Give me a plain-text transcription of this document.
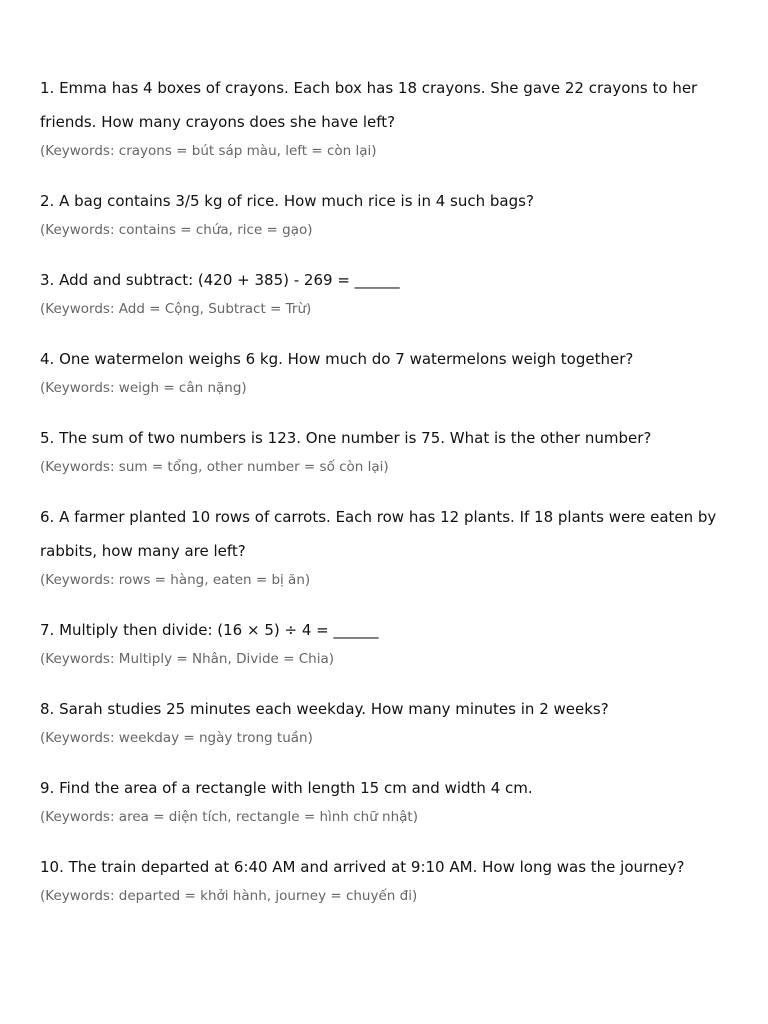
1. Emma has 4 boxes of crayons. Each box has 18 crayons. She gave 22 crayons to her friends. How many crayons does she have left?

(Keywords: crayons = bút sáp màu, left = còn lại)

2. A bag contains 3/5 kg of rice. How much rice is in 4 such bags?

(Keywords: contains = chứa, rice = gạo)

3. Add and subtract: (420 + 385) - 269 = ______

(Keywords: Add = Cộng, Subtract = Trừ)

4. One watermelon weighs 6 kg. How much do 7 watermelons weigh together?

(Keywords: weigh = cân nặng)

5. The sum of two numbers is 123. One number is 75. What is the other number?

(Keywords: sum = tổng, other number = số còn lại)

6. A farmer planted 10 rows of carrots. Each row has 12 plants. If 18 plants were eaten by rabbits, how many are left?

(Keywords: rows = hàng, eaten = bị ăn)

7. Multiply then divide: (16 × 5) ÷ 4 = ______

(Keywords: Multiply = Nhân, Divide = Chia)

8. Sarah studies 25 minutes each weekday. How many minutes in 2 weeks?

(Keywords: weekday = ngày trong tuần)

9. Find the area of a rectangle with length 15 cm and width 4 cm.

(Keywords: area = diện tích, rectangle = hình chữ nhật)

10. The train departed at 6:40 AM and arrived at 9:10 AM. How long was the journey?

(Keywords: departed = khởi hành, journey = chuyến đi)
